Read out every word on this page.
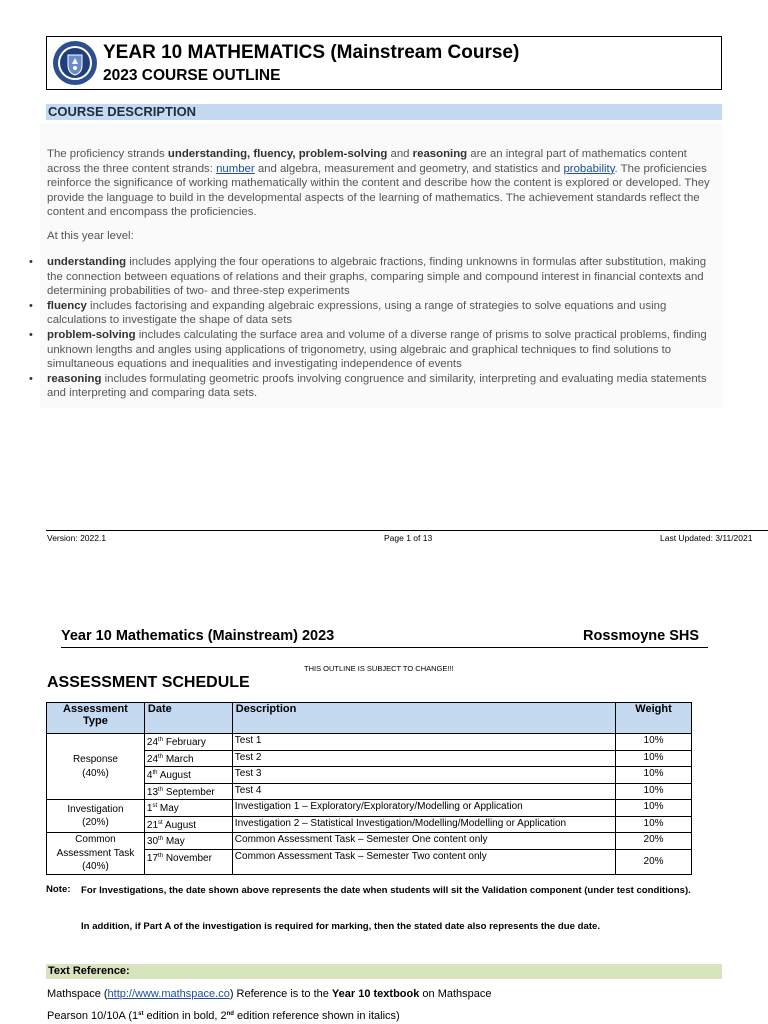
YEAR 10 MATHEMATICS (Mainstream Course)
2023 COURSE OUTLINE
COURSE DESCRIPTION
The proficiency strands understanding, fluency, problem-solving and reasoning are an integral part of mathematics content across the three content strands: number and algebra, measurement and geometry, and statistics and probability. The proficiencies reinforce the significance of working mathematically within the content and describe how the content is explored or developed. They provide the language to build in the developmental aspects of the learning of mathematics. The achievement standards reflect the content and encompass the proficiencies.
At this year level:
• understanding includes applying the four operations to algebraic fractions, finding unknowns in formulas after substitution, making the connection between equations of relations and their graphs, comparing simple and compound interest in financial contexts and determining probabilities of two- and three-step experiments
• fluency includes factorising and expanding algebraic expressions, using a range of strategies to solve equations and using calculations to investigate the shape of data sets
• problem-solving includes calculating the surface area and volume of a diverse range of prisms to solve practical problems, finding unknown lengths and angles using applications of trigonometry, using algebraic and graphical techniques to find solutions to simultaneous equations and inequalities and investigating independence of events
• reasoning includes formulating geometric proofs involving congruence and similarity, interpreting and evaluating media statements and interpreting and comparing data sets.
Version: 2022.1	Page 1 of 13	Last Updated: 3/11/2021
Year 10 Mathematics (Mainstream) 2023	Rossmoyne SHS
THIS OUTLINE IS SUBJECT TO CHANGE!!!
ASSESSMENT SCHEDULE
Assessment Type	Date	Description	Weight
Response
(40%)	24th February	Test 1	10%
	24th March	Test 2	10%
	4th August	Test 3	10%
	13th September	Test 4	10%
Investigation
(20%)	1st May	Investigation 1 – Exploratory/Exploratory/Modelling or Application	10%
	21st August	Investigation 2 – Statistical Investigation/Modelling/Modelling or Application	10%
Common Assessment Task
(40%)	30th May	Common Assessment Task – Semester One content only	20%
	17th November	Common Assessment Task – Semester Two content only	20%
Note: For Investigations, the date shown above represents the date when students will sit the Validation component (under test conditions).
In addition, if Part A of the investigation is required for marking, then the stated date also represents the due date.
Text Reference:
Mathspace (http://www.mathspace.co) Reference is to the Year 10 textbook on Mathspace
Pearson 10/10A (1st edition in bold, 2nd edition reference shown in italics)
